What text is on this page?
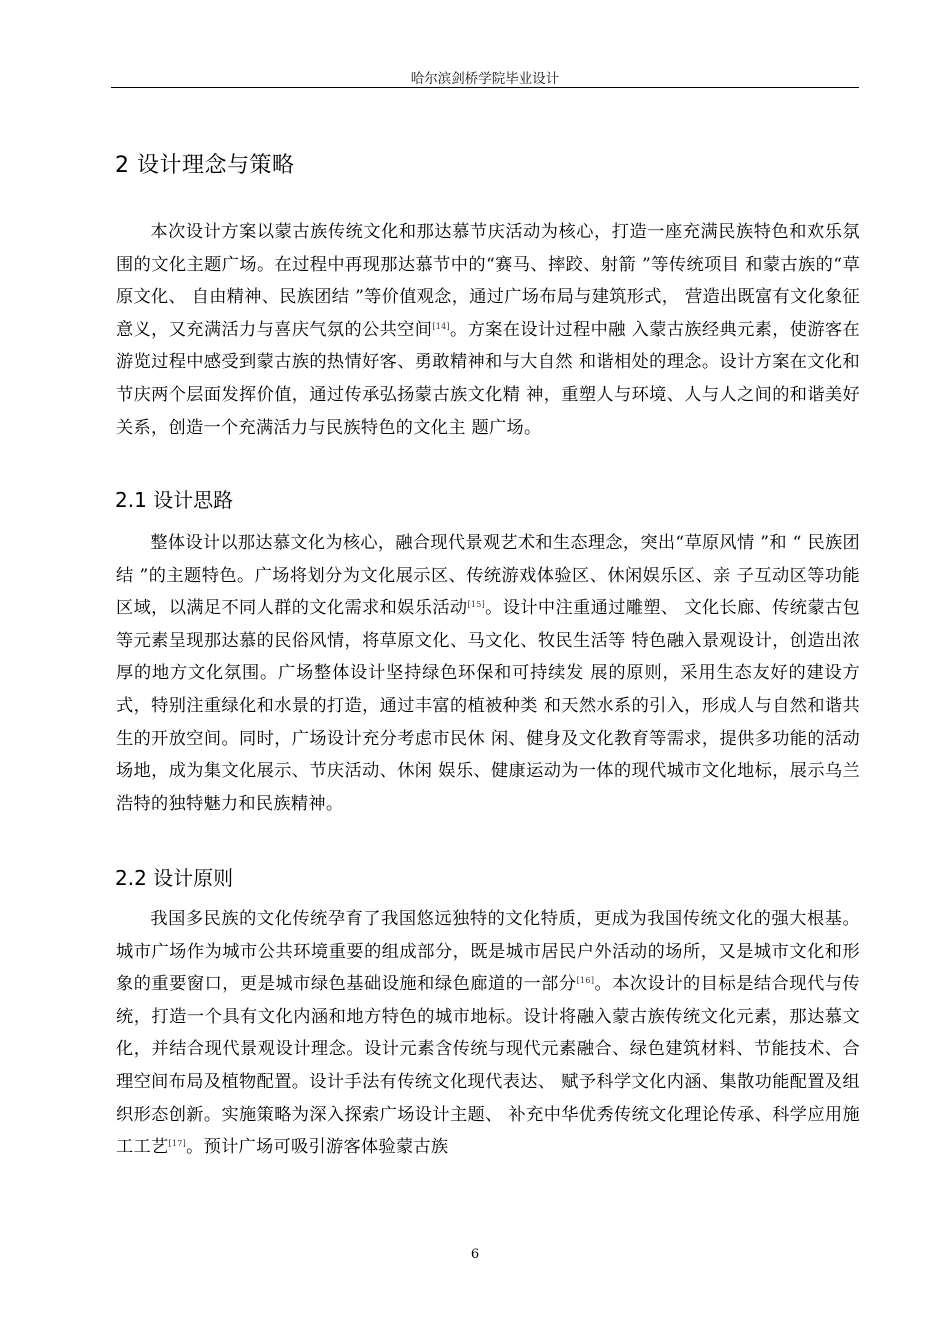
哈尔滨剑桥学院毕业设计
2 设计理念与策略

本次设计方案以蒙古族传统文化和那达慕节庆活动为核心，打造一座充满民族特色和欢乐氛围的文化主题广场。在过程中再现那达慕节中的“赛马、摔跤、射箭 ”等传统项目 和蒙古族的“草原文化、 自由精神、民族团结 ”等价值观念，通过广场布局与建筑形式， 营造出既富有文化象征意义，又充满活力与喜庆气氛的公共空间[14]。方案在设计过程中融 入蒙古族经典元素，使游客在游览过程中感受到蒙古族的热情好客、勇敢精神和与大自然 和谐相处的理念。设计方案在文化和节庆两个层面发挥价值，通过传承弘扬蒙古族文化精 神，重塑人与环境、人与人之间的和谐美好关系，创造一个充满活力与民族特色的文化主 题广场。

2.1 设计思路

整体设计以那达慕文化为核心，融合现代景观艺术和生态理念，突出“草原风情 ”和 “ 民族团结 ”的主题特色。广场将划分为文化展示区、传统游戏体验区、休闲娱乐区、亲 子互动区等功能区域，以满足不同人群的文化需求和娱乐活动[15]。设计中注重通过雕塑、 文化长廊、传统蒙古包等元素呈现那达慕的民俗风情，将草原文化、马文化、牧民生活等 特色融入景观设计，创造出浓厚的地方文化氛围。广场整体设计坚持绿色环保和可持续发 展的原则，采用生态友好的建设方式，特别注重绿化和水景的打造，通过丰富的植被种类 和天然水系的引入，形成人与自然和谐共生的开放空间。同时，广场设计充分考虑市民休 闲、健身及文化教育等需求，提供多功能的活动场地，成为集文化展示、节庆活动、休闲 娱乐、健康运动为一体的现代城市文化地标，展示乌兰浩特的独特魅力和民族精神。

2.2 设计原则

我国多民族的文化传统孕育了我国悠远独特的文化特质，更成为我国传统文化的强大根基。城市广场作为城市公共环境重要的组成部分，既是城市居民户外活动的场所，又是城市文化和形象的重要窗口，更是城市绿色基础设施和绿色廊道的一部分[16]。本次设计的目标是结合现代与传统，打造一个具有文化内涵和地方特色的城市地标。设计将融入蒙古族传统文化元素，那达慕文化，并结合现代景观设计理念。设计元素含传统与现代元素融合、绿色建筑材料、节能技术、合理空间布局及植物配置。设计手法有传统文化现代表达、 赋予科学文化内涵、集散功能配置及组织形态创新。实施策略为深入探索广场设计主题、 补充中华优秀传统文化理论传承、科学应用施工工艺[17]。预计广场可吸引游客体验蒙古族

6
